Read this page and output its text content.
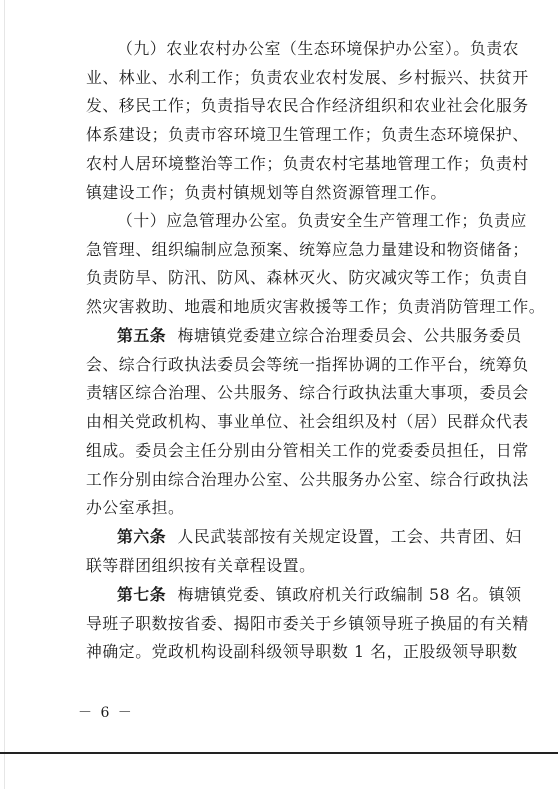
（九）农业农村办公室（生态环境保护办公室）。负责农
业、林业、水利工作；负责农业农村发展、乡村振兴、扶贫开
发、移民工作；负责指导农民合作经济组织和农业社会化服务
体系建设；负责市容环境卫生管理工作；负责生态环境保护、
农村人居环境整治等工作；负责农村宅基地管理工作；负责村
镇建设工作；负责村镇规划等自然资源管理工作。
（十）应急管理办公室。负责安全生产管理工作；负责应
急管理、组织编制应急预案、统筹应急力量建设和物资储备；
负责防旱、防汛、防风、森林灭火、防灾减灾等工作；负责自
然灾害救助、地震和地质灾害救援等工作；负责消防管理工作。
第五条 梅塘镇党委建立综合治理委员会、公共服务委员
会、综合行政执法委员会等统一指挥协调的工作平台，统筹负
责辖区综合治理、公共服务、综合行政执法重大事项，委员会
由相关党政机构、事业单位、社会组织及村（居）民群众代表
组成。委员会主任分别由分管相关工作的党委委员担任，日常
工作分别由综合治理办公室、公共服务办公室、综合行政执法
办公室承担。
第六条 人民武装部按有关规定设置，工会、共青团、妇
联等群团组织按有关章程设置。
第七条 梅塘镇党委、镇政府机关行政编制 58 名。镇领
导班子职数按省委、揭阳市委关于乡镇领导班子换届的有关精
神确定。党政机构设副科级领导职数 1 名，正股级领导职数
－ 6 －
